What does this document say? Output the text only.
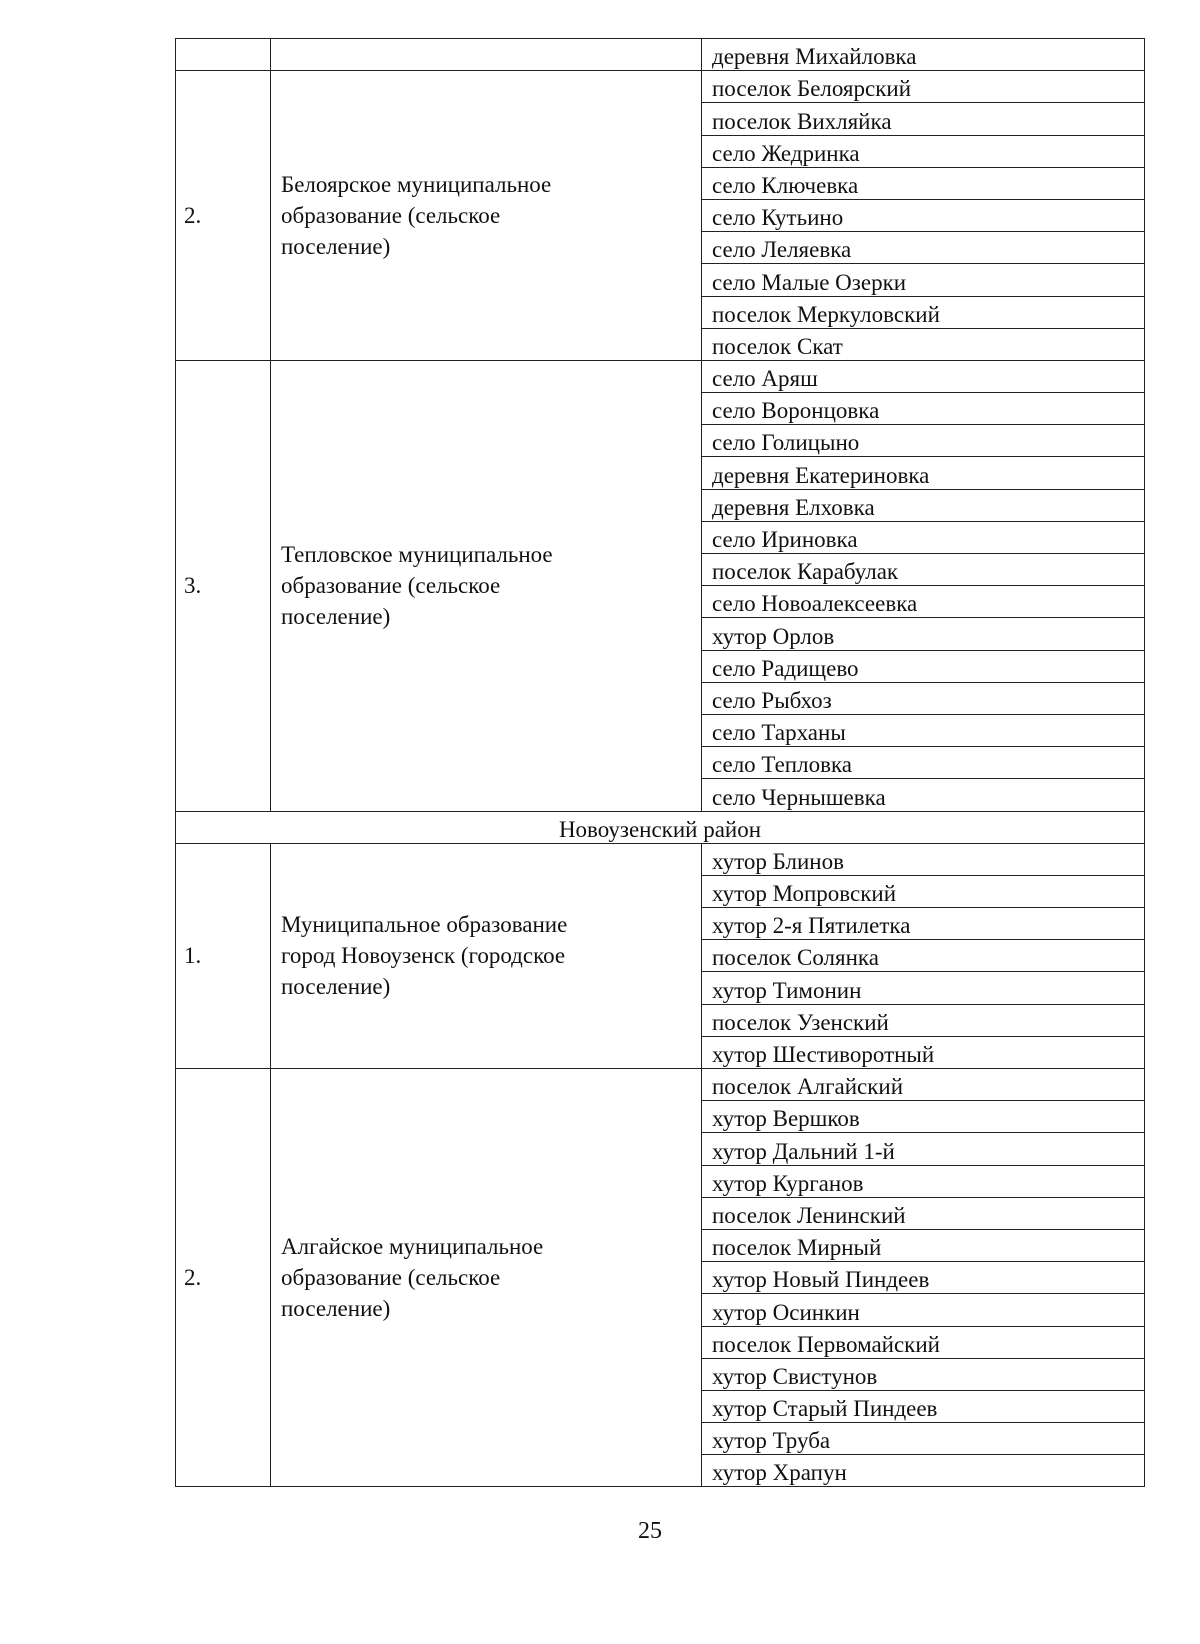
		деревня Михайловка
2.	Белоярское муниципальное
образование (сельское
поселение)	поселок Белоярский
		поселок Вихляйка
		село Жедринка
		село Ключевка
		село Кутьино
		село Леляевка
		село Малые Озерки
		поселок Меркуловский
		поселок Скат
3.	Тепловское муниципальное
образование (сельское
поселение)	село Аряш
		село Воронцовка
		село Голицыно
		деревня Екатериновка
		деревня Елховка
		село Ириновка
		поселок Карабулак
		село Новоалексеевка
		хутор Орлов
		село Радищево
		село Рыбхоз
		село Тарханы
		село Тепловка
		село Чернышевка
Новоузенский район		
1.	Муниципальное образование
город Новоузенск (городское
поселение)	хутор Блинов
		хутор Мопровский
		хутор 2-я Пятилетка
		поселок Солянка
		хутор Тимонин
		поселок Узенский
		хутор Шестиворотный
2.	Алгайское муниципальное
образование (сельское
поселение)	поселок Алгайский
		хутор Вершков
		хутор Дальний 1-й
		хутор Курганов
		поселок Ленинский
		поселок Мирный
		хутор Новый Пиндеев
		хутор Осинкин
		поселок Первомайский
		хутор Свистунов
		хутор Старый Пиндеев
		хутор Труба
		хутор Храпун
25
